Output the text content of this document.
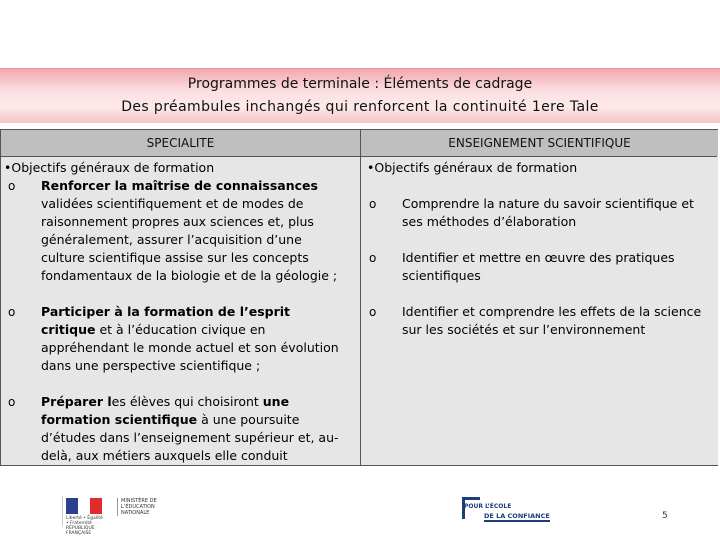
Programmes de terminale : Éléments de cadrage
Des préambules inchangés qui renforcent la continuité 1ere Tale
SPECIALITE	ENSEIGNEMENT SCIENTIFIQUE
•Objectifs généraux de formation
o Renforcer la maîtrise de connaissances validées scientifiquement et de modes de raisonnement propres aux sciences et, plus généralement, assurer l’acquisition d’une culture scientifique assise sur les concepts fondamentaux de la biologie et de la géologie ;
o Participer à la formation de l’esprit critique et à l’éducation civique en appréhendant le monde actuel et son évolution dans une perspective scientifique ;
o Préparer les élèves qui choisiront une formation scientifique à une poursuite d’études dans l’enseignement supérieur et, au-delà, aux métiers auxquels elle conduit
•Objectifs généraux de formation
o Comprendre la nature du savoir scientifique et ses méthodes d’élaboration
o Identifier et mettre en œuvre des pratiques scientifiques
o Identifier et comprendre les effets de la science sur les sociétés et sur l’environnement
Liberté • Égalité • Fraternité RÉPUBLIQUE FRANÇAISE
MINISTÈRE DE L’ÉDUCATION NATIONALE
POUR L’ÉCOLE
DE LA CONFIANCE	5
